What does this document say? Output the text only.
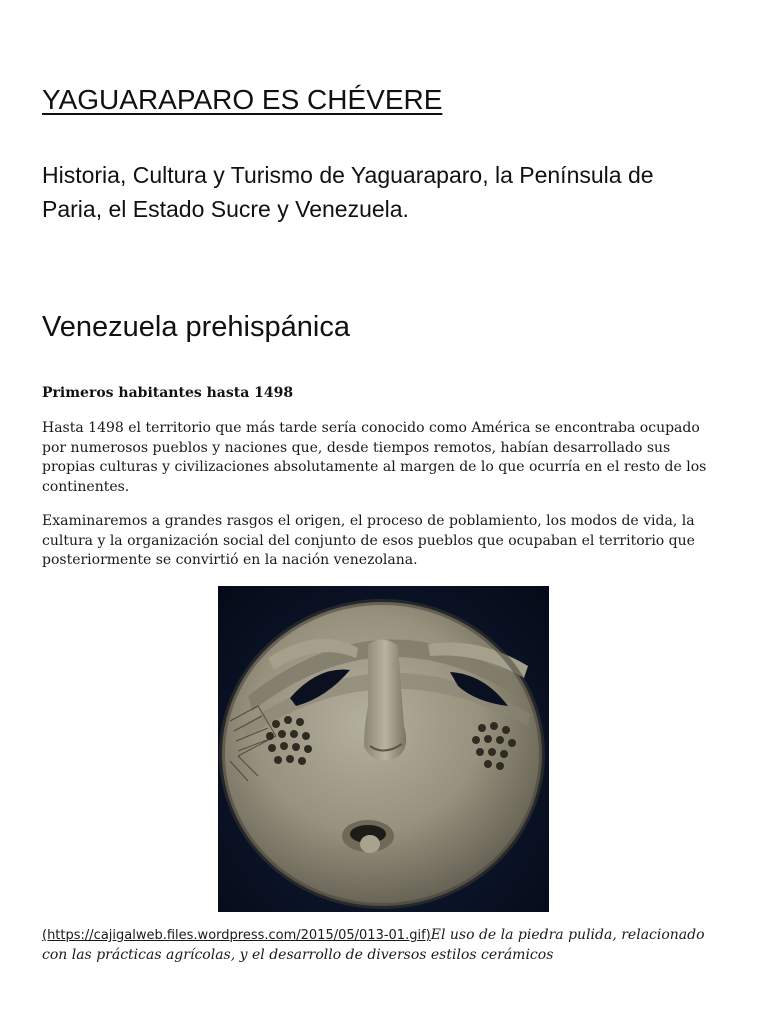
YAGUARAPARO ES CHÉVERE

Historia, Cultura y Turismo de Yaguaraparo, la Península de Paria, el Estado Sucre y Venezuela.

Venezuela prehispánica

Primeros habitantes hasta 1498

Hasta 1498 el territorio que más tarde sería conocido como América se encontraba ocupado por numerosos pueblos y naciones que, desde tiempos remotos, habían desarrollado sus propias culturas y civilizaciones absolutamente al margen de lo que ocurría en el resto de los continentes.

Examinaremos a grandes rasgos el origen, el proceso de poblamiento, los modos de vida, la cultura y la organización social del conjunto de esos pueblos que ocupaban el territorio que posteriormente se convirtió en la nación venezolana.

(https://cajigalweb.files.wordpress.com/2015/05/013-01.gif)El uso de la piedra pulida, relacionado con las prácticas agrícolas, y el desarrollo de diversos estilos cerámicos
